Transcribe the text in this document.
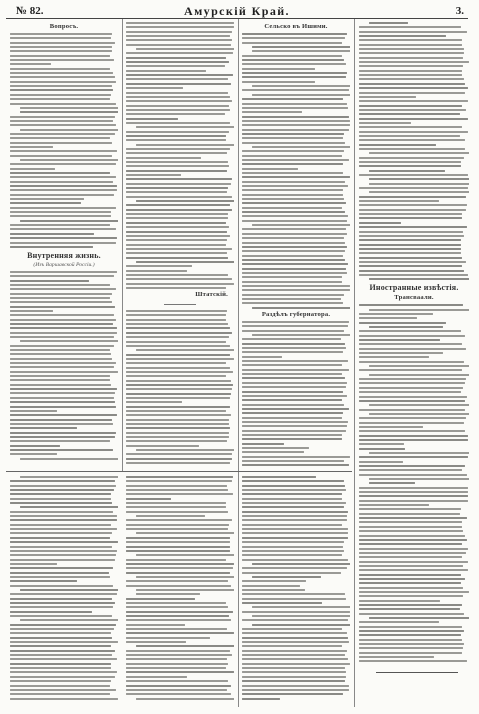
№ 82.	Амурскій Край.	3.
Вопросъ.
Внутренняя жизнь.
(Изъ Варшавской Россіи.)
Штатскій.
Сельско въ Ишими.
Раздѣлъ губернатора.
Иностранные извѣстія.
Трансваали.
